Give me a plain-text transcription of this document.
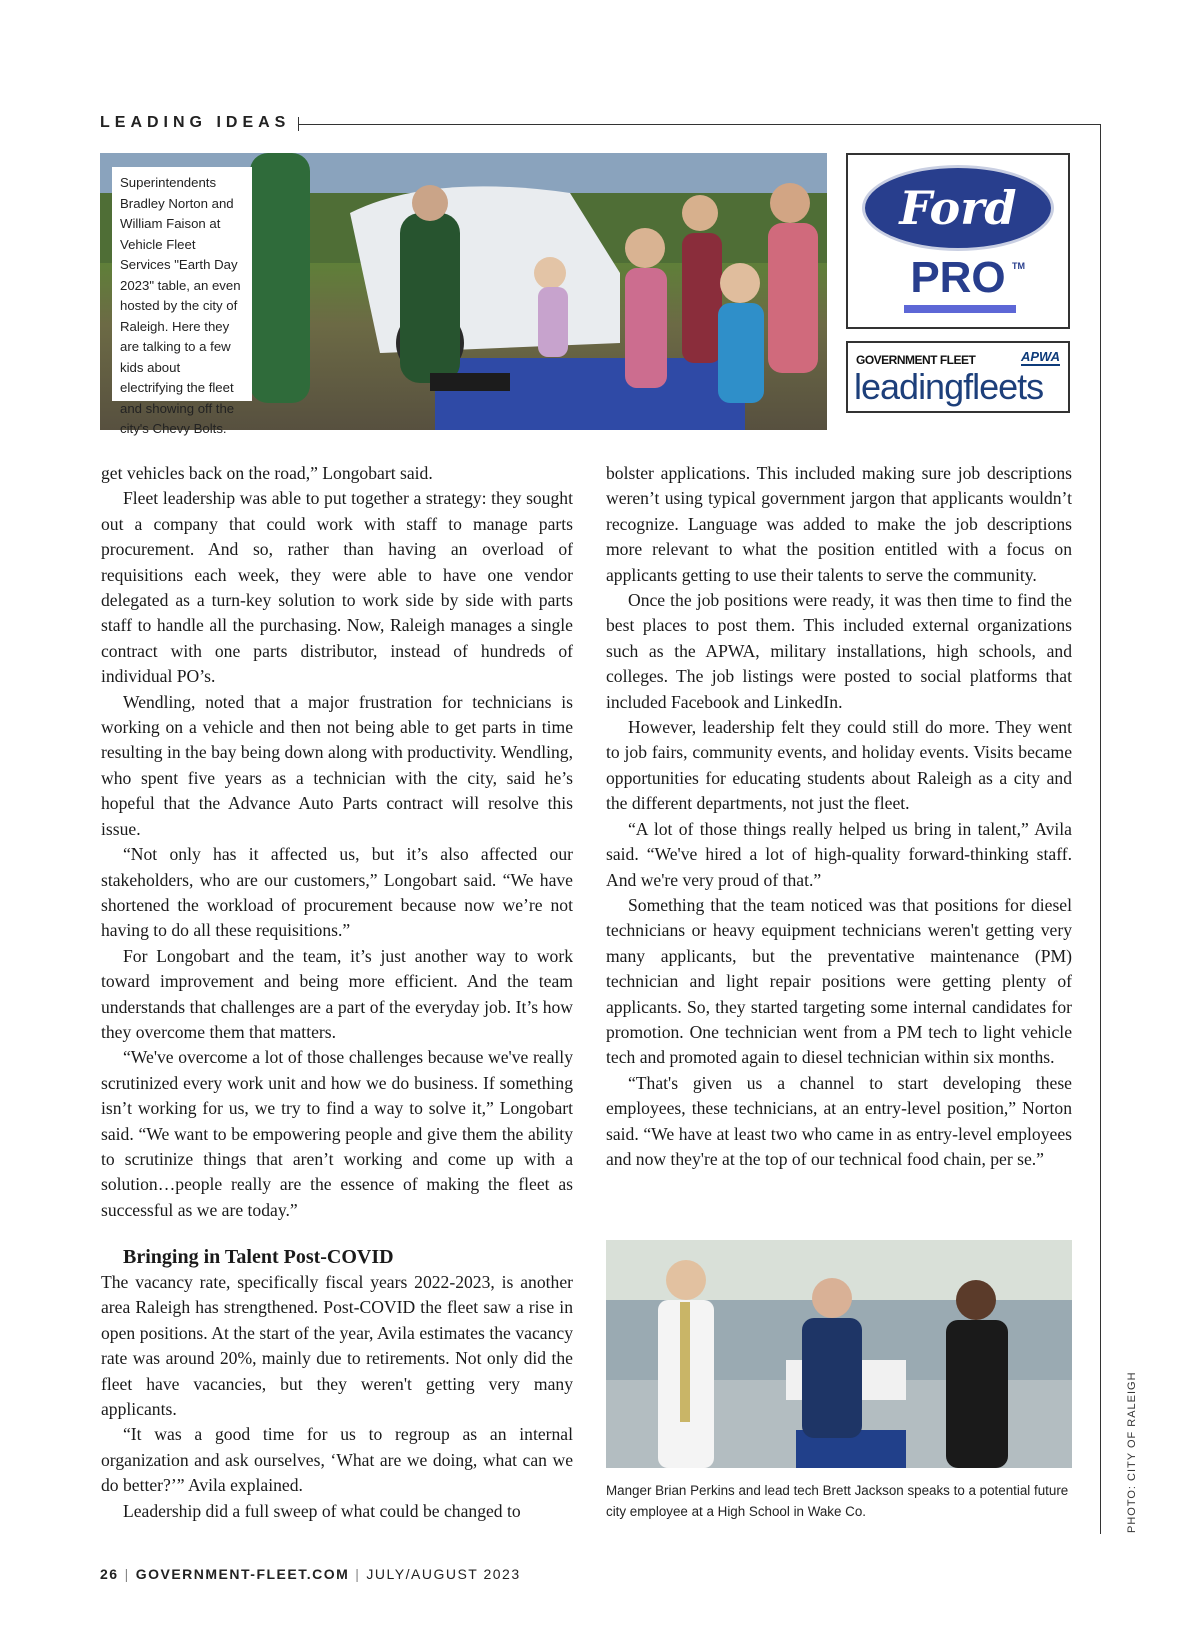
LEADING IDEAS
Superintendents Bradley Norton and William Faison at Vehicle Fleet Services "Earth Day 2023" table, an even hosted by the city of Raleigh. Here they are talking to a few kids about electrifying the fleet and showing off the city's Chevy Bolts.
Ford
PRO TM
GOVERNMENT FLEET	APWA
leadingfleets

get vehicles back on the road,” Longobart said.

Fleet leadership was able to put together a strategy: they sought out a company that could work with staff to manage parts procurement. And so, rather than having an overload of requisitions each week, they were able to have one vendor delegated as a turn-key solution to work side by side with parts staff to handle all the purchasing. Now, Raleigh manages a single contract with one parts distributor, instead of hundreds of individual PO’s.

Wendling, noted that a major frustration for technicians is working on a vehicle and then not being able to get parts in time resulting in the bay being down along with productivity. Wendling, who spent five years as a technician with the city, said he’s hopeful that the Advance Auto Parts contract will resolve this issue.

“Not only has it affected us, but it’s also affected our stakeholders, who are our customers,” Longobart said. “We have shortened the workload of procurement because now we’re not having to do all these requisitions.”

For Longobart and the team, it’s just another way to work toward improvement and being more efficient. And the team understands that challenges are a part of the everyday job. It’s how they overcome them that matters.

“We've overcome a lot of those challenges because we've really scrutinized every work unit and how we do business. If something isn’t working for us, we try to find a way to solve it,” Longobart said. “We want to be empowering people and give them the ability to scrutinize things that aren’t working and come up with a solution…people really are the essence of making the fleet as successful as we are today.”

Bringing in Talent Post-COVID

The vacancy rate, specifically fiscal years 2022-2023, is another area Raleigh has strengthened. Post-COVID the fleet saw a rise in open positions. At the start of the year, Avila estimates the vacancy rate was around 20%, mainly due to retirements. Not only did the fleet have vacancies, but they weren't getting very many applicants.

“It was a good time for us to regroup as an internal organization and ask ourselves, ‘What are we doing, what can we do better?’” Avila explained.

Leadership did a full sweep of what could be changed to

bolster applications. This included making sure job descriptions weren’t using typical government jargon that applicants wouldn’t recognize. Language was added to make the job descriptions more relevant to what the position entitled with a focus on applicants getting to use their talents to serve the community.

Once the job positions were ready, it was then time to find the best places to post them. This included external organizations such as the APWA, military installations, high schools, and colleges. The job listings were posted to social platforms that included Facebook and LinkedIn.

However, leadership felt they could still do more. They went to job fairs, community events, and holiday events. Visits became opportunities for educating students about Raleigh as a city and the different departments, not just the fleet.

“A lot of those things really helped us bring in talent,” Avila said. “We've hired a lot of high-quality forward-thinking staff. And we're very proud of that.”

Something that the team noticed was that positions for diesel technicians or heavy equipment technicians weren't getting very many applicants, but the preventative maintenance (PM) technician and light repair positions were getting plenty of applicants. So, they started targeting some internal candidates for promotion. One technician went from a PM tech to light vehicle tech and promoted again to diesel technician within six months.

“That's given us a channel to start developing these employees, these technicians, at an entry-level position,” Norton said. “We have at least two who came in as entry-level employees and now they're at the top of our technical food chain, per se.”

Manger Brian Perkins and lead tech Brett Jackson speaks to a potential future city employee at a High School in Wake Co.	PHOTO: CITY OF RALEIGH
26 | GOVERNMENT-FLEET.COM | JULY/AUGUST 2023
